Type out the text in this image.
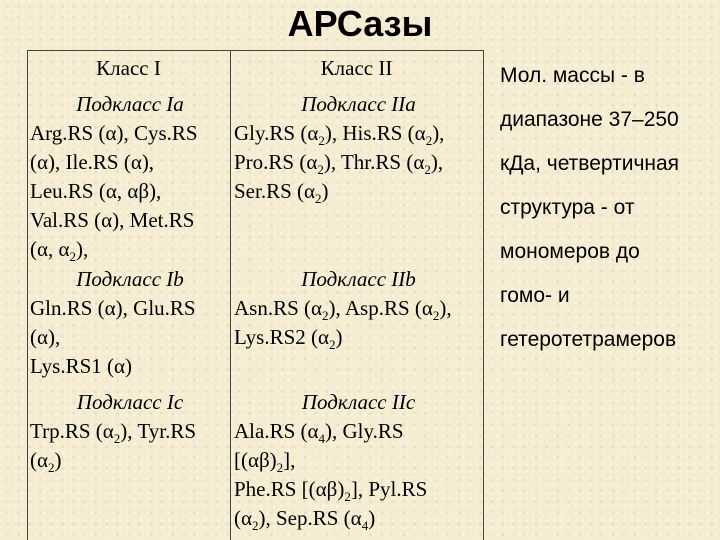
АРСазы
Класс I	Класс II
Подкласс Ia
Arg.RS (α), Cys.RS
(α), Ile.RS (α),
Leu.RS (α, αβ),
Val.RS (α), Met.RS
(α, $\alpha_2$),
Подкласс IIa
Gly.RS $(\alpha_2)$, His.RS $(\alpha_2)$,
Pro.RS $(\alpha_2)$, Thr.RS $(\alpha_2)$,
Ser.RS $(\alpha_2)$
Подкласс Ib
Gln.RS (α), Glu.RS
(α),
Lys.RS1 (α)
Подкласс IIb
Asn.RS $(\alpha_2)$, Asp.RS $(\alpha_2)$,
Lys.RS2 $(\alpha_2)$
Подкласс Ic
Trp.RS $(\alpha_2)$, Tyr.RS
$(\alpha_2)$
Подкласс IIc
Ala.RS $(\alpha_4)$, Gly.RS
$[(\alpha\beta)_2]$,
Phe.RS $[(\alpha\beta)_2]$, Pyl.RS
$(\alpha_2)$, Sep.RS $(\alpha_4)$
Мол. массы - в
диапазоне 37–250
кДа, четвертичная
структура - от
мономеров до
гомо- и
гетеротетрамеров
